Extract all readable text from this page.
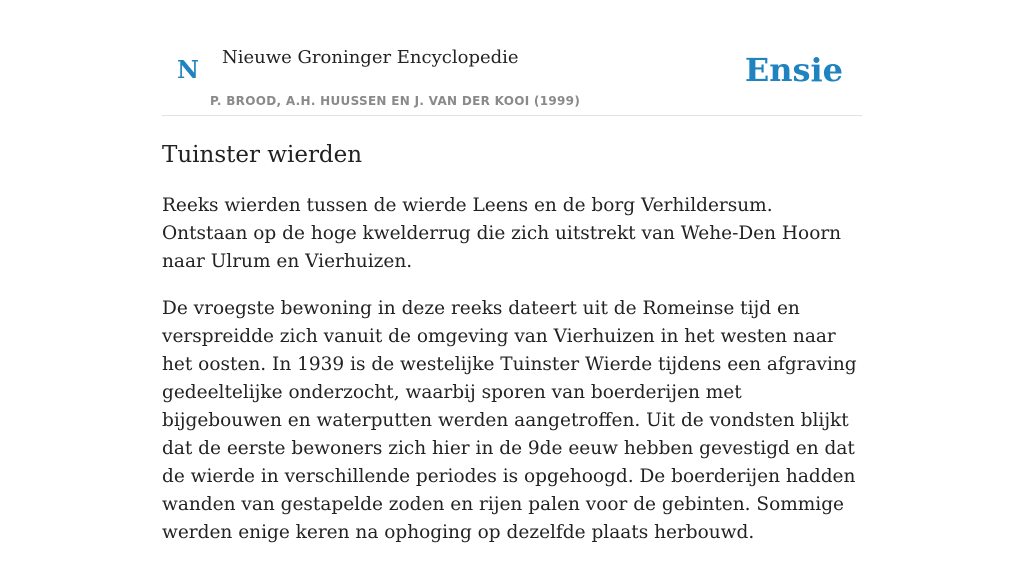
N Nieuwe Groninger Encyclopedie
P. BROOD, A.H. HUUSSEN EN J. VAN DER KOOI (1999)
Ensie
Tuinster wierden

Reeks wierden tussen de wierde Leens en de borg Verhildersum. Ontstaan op de hoge kwelderrug die zich uitstrekt van Wehe-Den Hoorn naar Ulrum en Vierhuizen.

De vroegste bewoning in deze reeks dateert uit de Romeinse tijd en verspreidde zich vanuit de omgeving van Vierhuizen in het westen naar het oosten. In 1939 is de westelijke Tuinster Wierde tijdens een afgraving gedeeltelijke onderzocht, waarbij sporen van boerderijen met bijgebouwen en waterputten werden aangetroffen. Uit de vondsten blijkt dat de eerste bewoners zich hier in de 9de eeuw hebben gevestigd en dat de wierde in verschillende periodes is opgehoogd. De boerderijen hadden wanden van gestapelde zoden en rijen palen voor de gebinten. Sommige werden enige keren na ophoging op dezelfde plaats herbouwd.
